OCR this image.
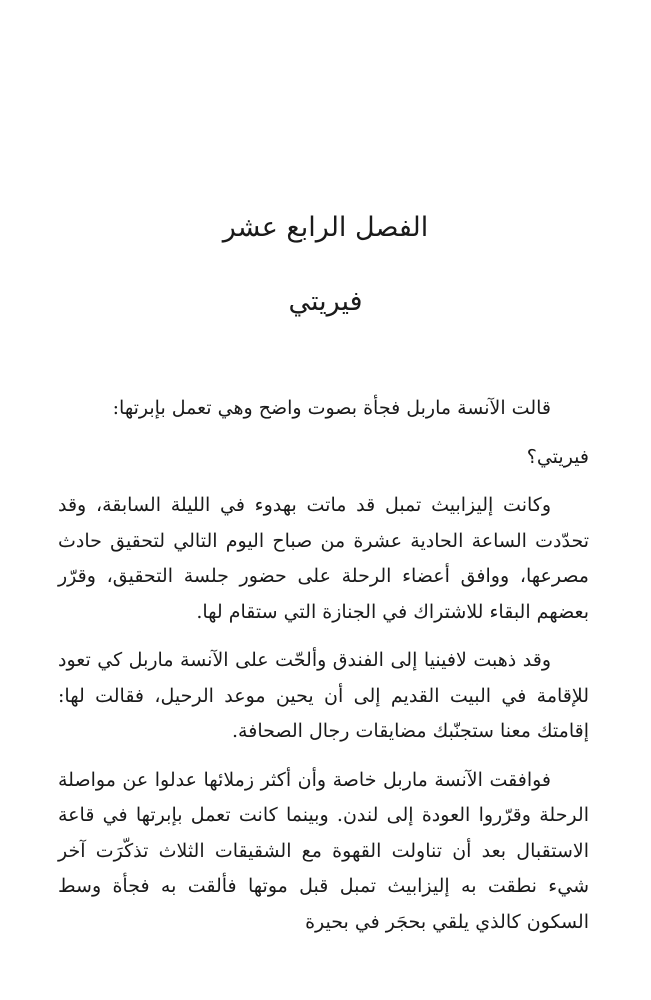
الفصل الرابع عشر
فيريتي

قالت الآنسة ماربل فجأة بصوت واضح وهي تعمل بإبرتها:

فيريتي؟

وكانت إليزابيث تمبل قد ماتت بهدوء في الليلة السابقة، وقد تحدّدت الساعة الحادية عشرة من صباح اليوم التالي لتحقيق حادث مصرعها، ووافق أعضاء الرحلة على حضور جلسة التحقيق، وقرّر بعضهم البقاء للاشتراك في الجنازة التي ستقام لها.

وقد ذهبت لافينيا إلى الفندق وألحّت على الآنسة ماربل كي تعود للإقامة في البيت القديم إلى أن يحين موعد الرحيل، فقالت لها: إقامتك معنا ستجنّبك مضايقات رجال الصحافة.

فوافقت الآنسة ماربل خاصة وأن أكثر زملائها عدلوا عن مواصلة الرحلة وقرّروا العودة إلى لندن. وبينما كانت تعمل بإبرتها في قاعة الاستقبال بعد أن تناولت القهوة مع الشقيقات الثلاث تذكّرَت آخر شيء نطقت به إليزابيث تمبل قبل موتها فألقت به فجأة وسط السكون كالذي يلقي بحجَر في بحيرة
